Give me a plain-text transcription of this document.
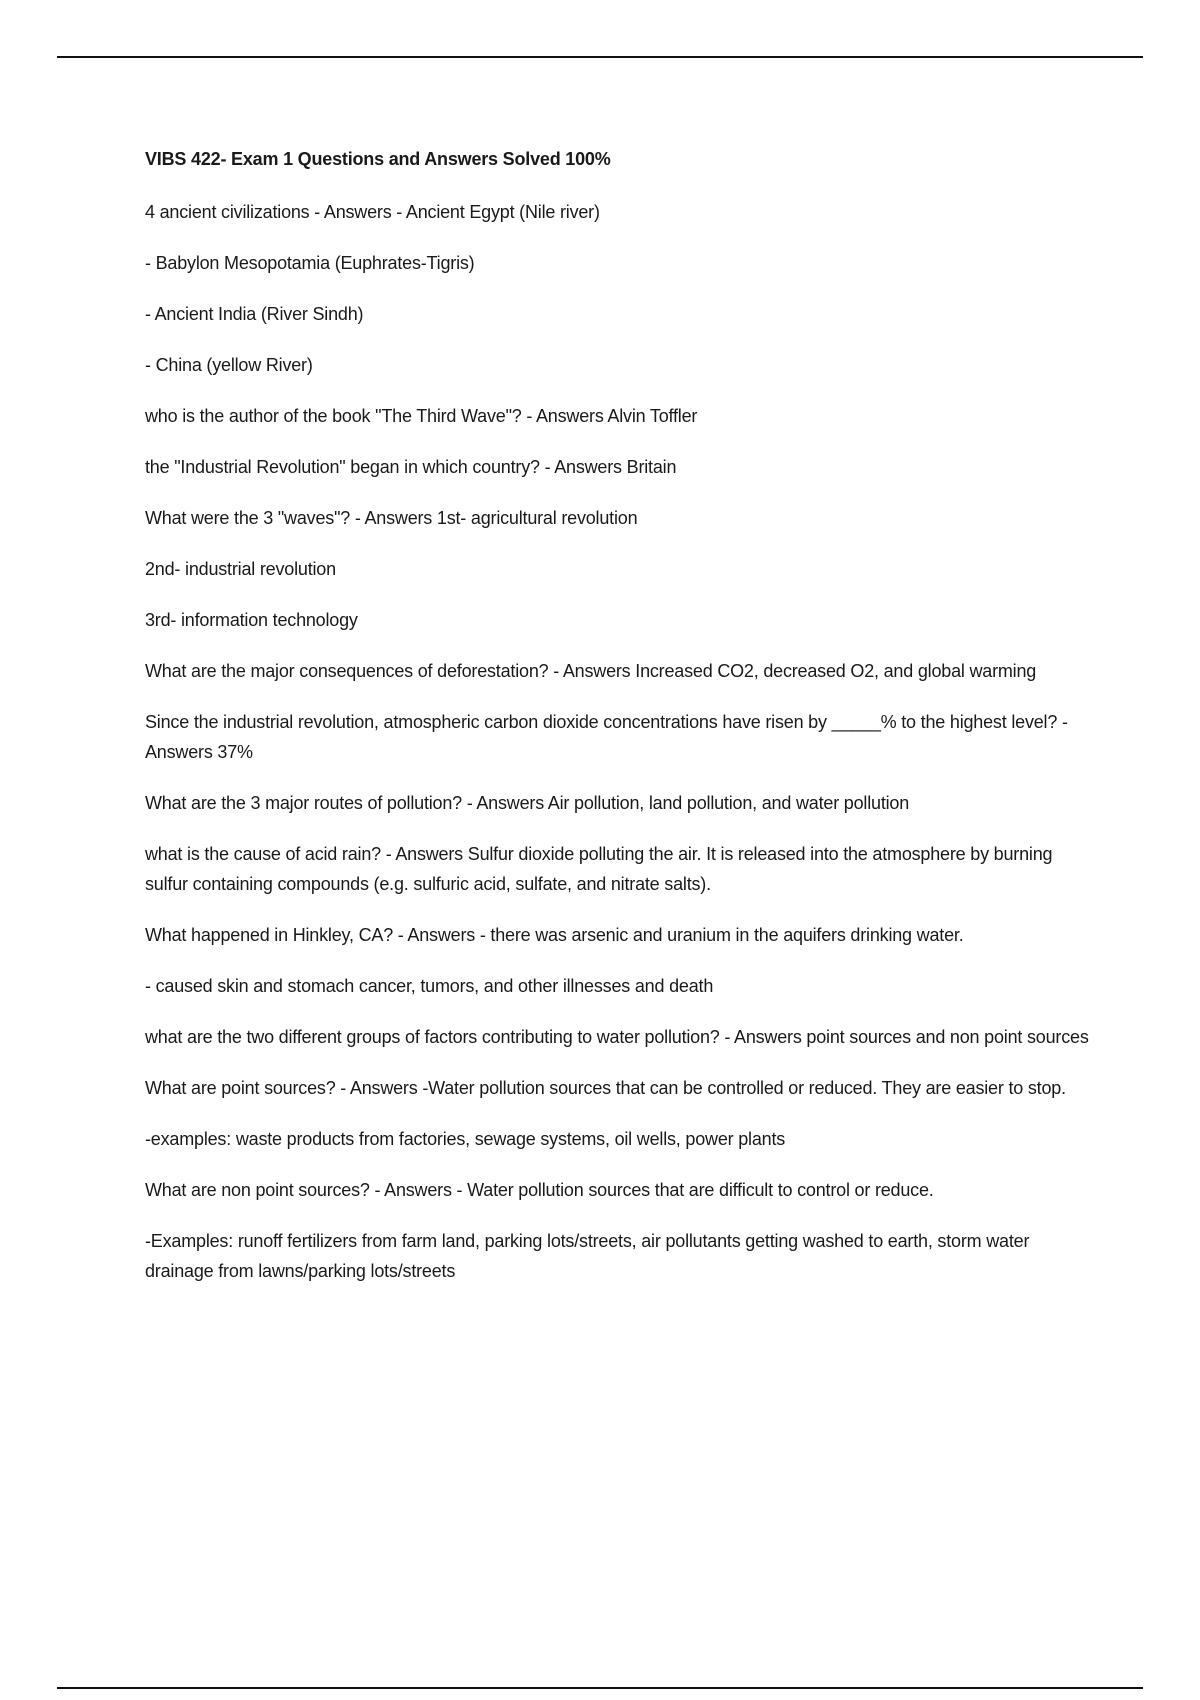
VIBS 422- Exam 1 Questions and Answers Solved 100%
4 ancient civilizations - Answers - Ancient Egypt (Nile river)
- Babylon Mesopotamia (Euphrates-Tigris)
- Ancient India (River Sindh)
- China (yellow River)
who is the author of the book "The Third Wave"? - Answers Alvin Toffler
the "Industrial Revolution" began in which country? - Answers Britain
What were the 3 "waves"? - Answers 1st- agricultural revolution
2nd- industrial revolution
3rd- information technology
What are the major consequences of deforestation? - Answers Increased CO2, decreased O2, and global warming
Since the industrial revolution, atmospheric carbon dioxide concentrations have risen by _____% to the highest level? - Answers 37%
What are the 3 major routes of pollution? - Answers Air pollution, land pollution, and water pollution
what is the cause of acid rain? - Answers Sulfur dioxide polluting the air. It is released into the atmosphere by burning sulfur containing compounds (e.g. sulfuric acid, sulfate, and nitrate salts).
What happened in Hinkley, CA? - Answers - there was arsenic and uranium in the aquifers drinking water.
- caused skin and stomach cancer, tumors, and other illnesses and death
what are the two different groups of factors contributing to water pollution? - Answers point sources and non point sources
What are point sources? - Answers -Water pollution sources that can be controlled or reduced. They are easier to stop.
-examples: waste products from factories, sewage systems, oil wells, power plants
What are non point sources? - Answers - Water pollution sources that are difficult to control or reduce.
-Examples: runoff fertilizers from farm land, parking lots/streets, air pollutants getting washed to earth, storm water drainage from lawns/parking lots/streets
